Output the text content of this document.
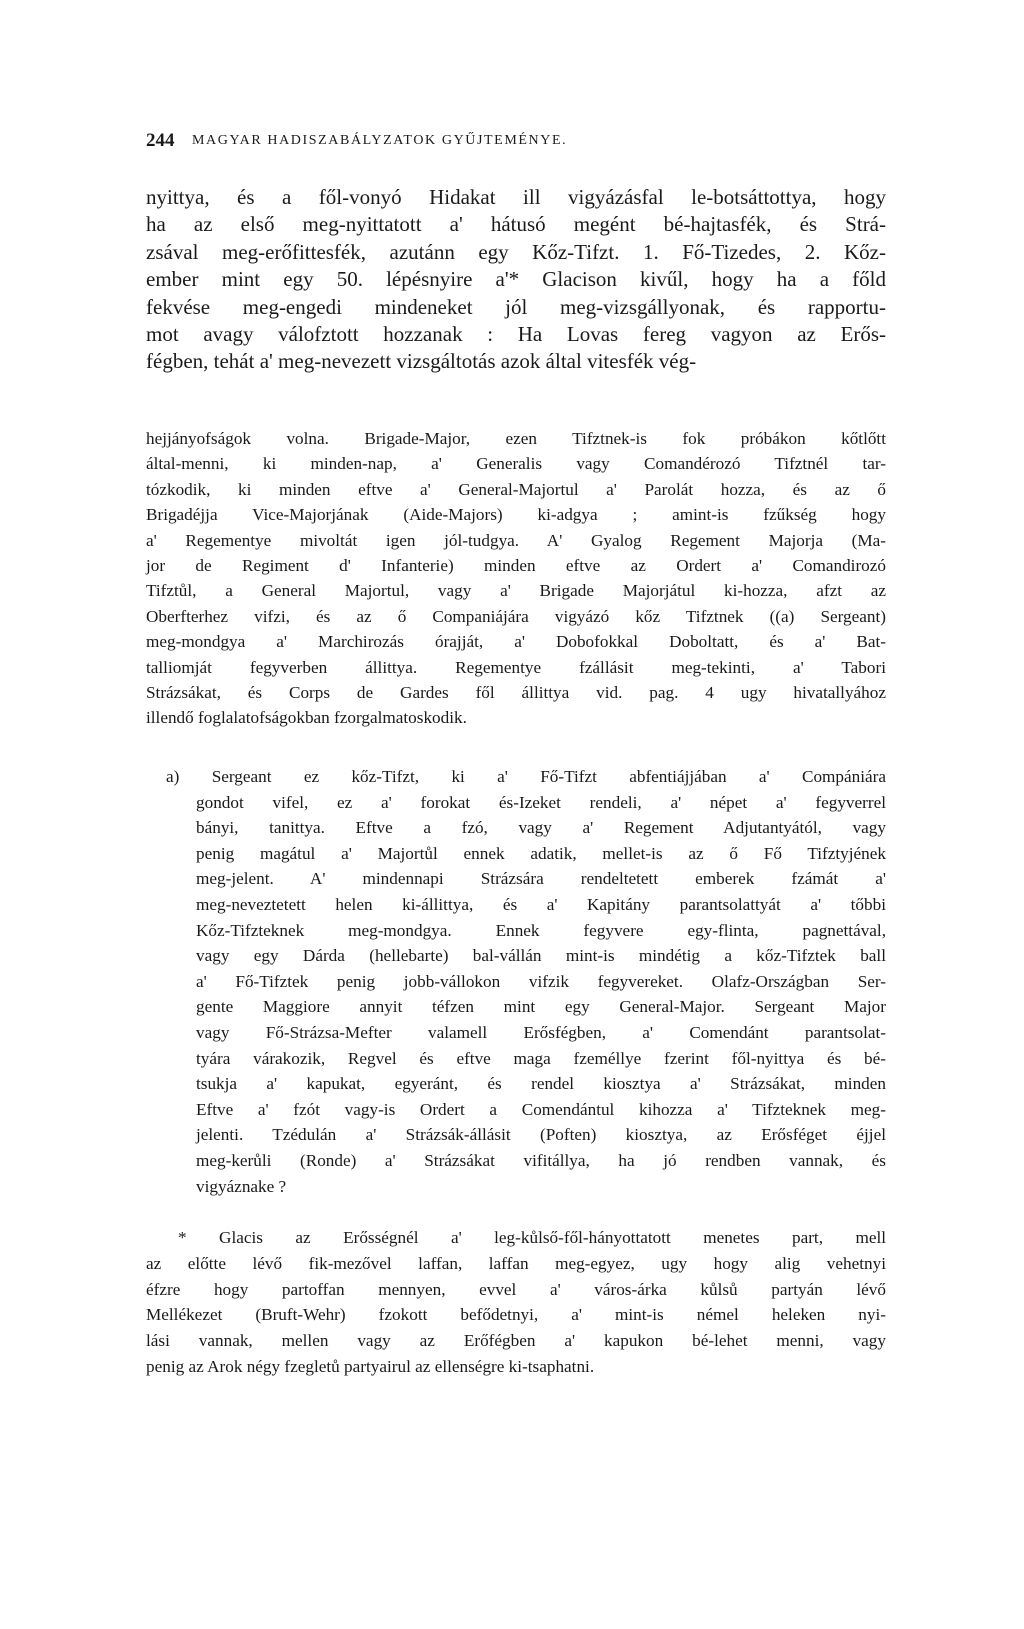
244 MAGYAR HADISZABÁLYZATOK GYŰJTEMÉNYE.
nyittya, és a fől-vonyó Hidakat ill vigyázásfal le-botsáttottya, hogy
ha az első meg-nyittatott a' hátusó megént bé-hajtasfék, és Strá-
zsával meg-erőfittesfék, azutánn egy Kőz-Tifzt. 1. Fő-Tizedes, 2. Kőz-
ember mint egy 50. lépésnyire a'* Glacison kivűl, hogy ha a főld
fekvése meg-engedi mindeneket jól meg-vizsgállyonak, és rapportu-
mot avagy válofztott hozzanak : Ha Lovas fereg vagyon az Erős-
fégben, tehát a' meg-nevezett vizsgáltotás azok által vitesfék vég-
hejjányofságok volna. Brigade-Major, ezen Tifztnek-is fok próbákon kőtlőtt
által-menni, ki minden-nap, a' Generalis vagy Comandérozó Tifztnél tar-
tózkodik, ki minden eftve a' General-Majortul a' Parolát hozza, és az ő
Brigadéjja Vice-Majorjának (Aide-Majors) ki-adgya ; amint-is fzűkség hogy
a' Regementye mivoltát igen jól-tudgya. A' Gyalog Regement Majorja (Ma-
jor de Regiment d' Infanterie) minden eftve az Ordert a' Comandirozó
Tifztůl, a General Majortul, vagy a' Brigade Majorjátul ki-hozza, afzt az
Oberfterhez vifzi, és az ő Companiájára vigyázó kőz Tifztnek ((a) Sergeant)
meg-mondgya a' Marchirozás órajját, a' Dobofokkal Doboltatt, és a' Bat-
talliomját fegyverben állittya. Regementye fzállásit meg-tekinti, a' Tabori
Strázsákat, és Corps de Gardes fől állittya vid. pag. 4 ugy hivatallyához
illendő foglalatofságokban fzorgalmatoskodik.
a) Sergeant ez kőz-Tifzt, ki a' Fő-Tifzt abfentiájjában a' Compániára
gondot vifel, ez a' forokat és-Izeket rendeli, a' népet a' fegyverrel
bányi, tanittya. Eftve a fzó, vagy a' Regement Adjutantyától, vagy
penig magátul a' Majortůl ennek adatik, mellet-is az ő Fő Tifztyjének
meg-jelent. A' mindennapi Strázsára rendeltetett emberek fzámát a'
meg-neveztetett helen ki-állittya, és a' Kapitány parantsolattyát a' tőbbi
Kőz-Tifzteknek meg-mondgya. Ennek fegyvere egy-flinta, pagnettával,
vagy egy Dárda (hellebarte) bal-vállán mint-is mindétig a kőz-Tifztek ball
a' Fő-Tifztek penig jobb-vállokon vifzik fegyvereket. Olafz-Országban Ser-
gente Maggiore annyit téfzen mint egy General-Major. Sergeant Major
vagy Fő-Strázsa-Mefter valamell Erősfégben, a' Comendánt parantsolat-
tyára várakozik, Regvel és eftve maga fzeméllye fzerint fől-nyittya és bé-
tsukja a' kapukat, egyeránt, és rendel kiosztya a' Strázsákat, minden
Eftve a' fzót vagy-is Ordert a Comendántul kihozza a' Tifzteknek meg-
jelenti. Tzédulán a' Strázsák-állásit (Poften) kiosztya, az Erősféget éjjel
meg-kerůli (Ronde) a' Strázsákat vifitállya, ha jó rendben vannak, és
vigyáznake ?
* Glacis az Erősségnél a' leg-kůlső-fől-hányottatott menetes part, mell
az előtte lévő fik-mezővel laffan, laffan meg-egyez, ugy hogy alig vehetnyi
éfzre hogy partoffan mennyen, evvel a' város-árka kůlsů partyán lévő
Mellékezet (Bruft-Wehr) fzokott befődetnyi, a' mint-is némel heleken nyi-
lási vannak, mellen vagy az Erőfégben a' kapukon bé-lehet menni, vagy
penig az Arok négy fzegletů partyairul az ellenségre ki-tsaphatni.
